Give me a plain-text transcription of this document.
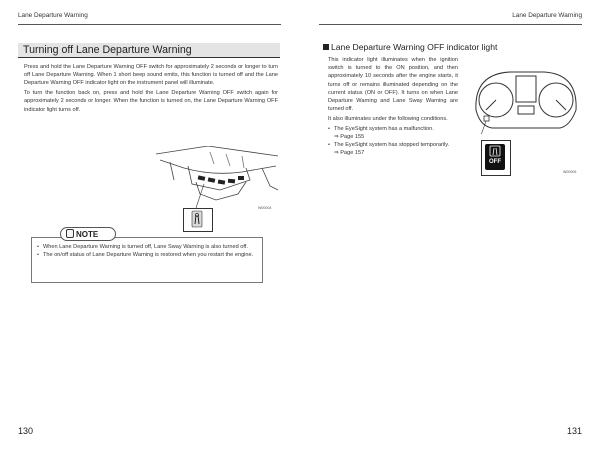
Lane Departure Warning	Lane Departure Warning
Turning off Lane Departure Warning

Press and hold the Lane Departure Warning OFF switch for approximately 2 seconds or longer to turn off Lane Departure Warning. When 1 short beep sound emits, this function is turned off and the Lane Departure Warning OFF indicator light on the instrument panel will illuminate.

To turn the function back on, press and hold the Lane Departure Warning OFF switch again for approximately 2 seconds or longer. When the function is turned on, the Lane Departure Warning OFF indicator light turns off.

W00004
NOTE
• When Lane Departure Warning is turned off, Lane Sway Warning is also turned off.
• The on/off status of Lane Departure Warning is restored when you restart the engine.
130
Lane Departure Warning OFF indicator light

This indicator light illuminates when the ignition switch is turned to the ON position, and then approximately 10 seconds after the engine starts, it turns off or remains illuminated depending on the current status (ON or OFF). It turns on when Lane Departure Warning and Lane Sway Warning are turned off.

It also illuminates under the following conditions.

• The EyeSight system has a malfunction.
⇒ Page 155
• The EyeSight system has stopped temporarily.
⇒ Page 157
OFF
W00005
131
